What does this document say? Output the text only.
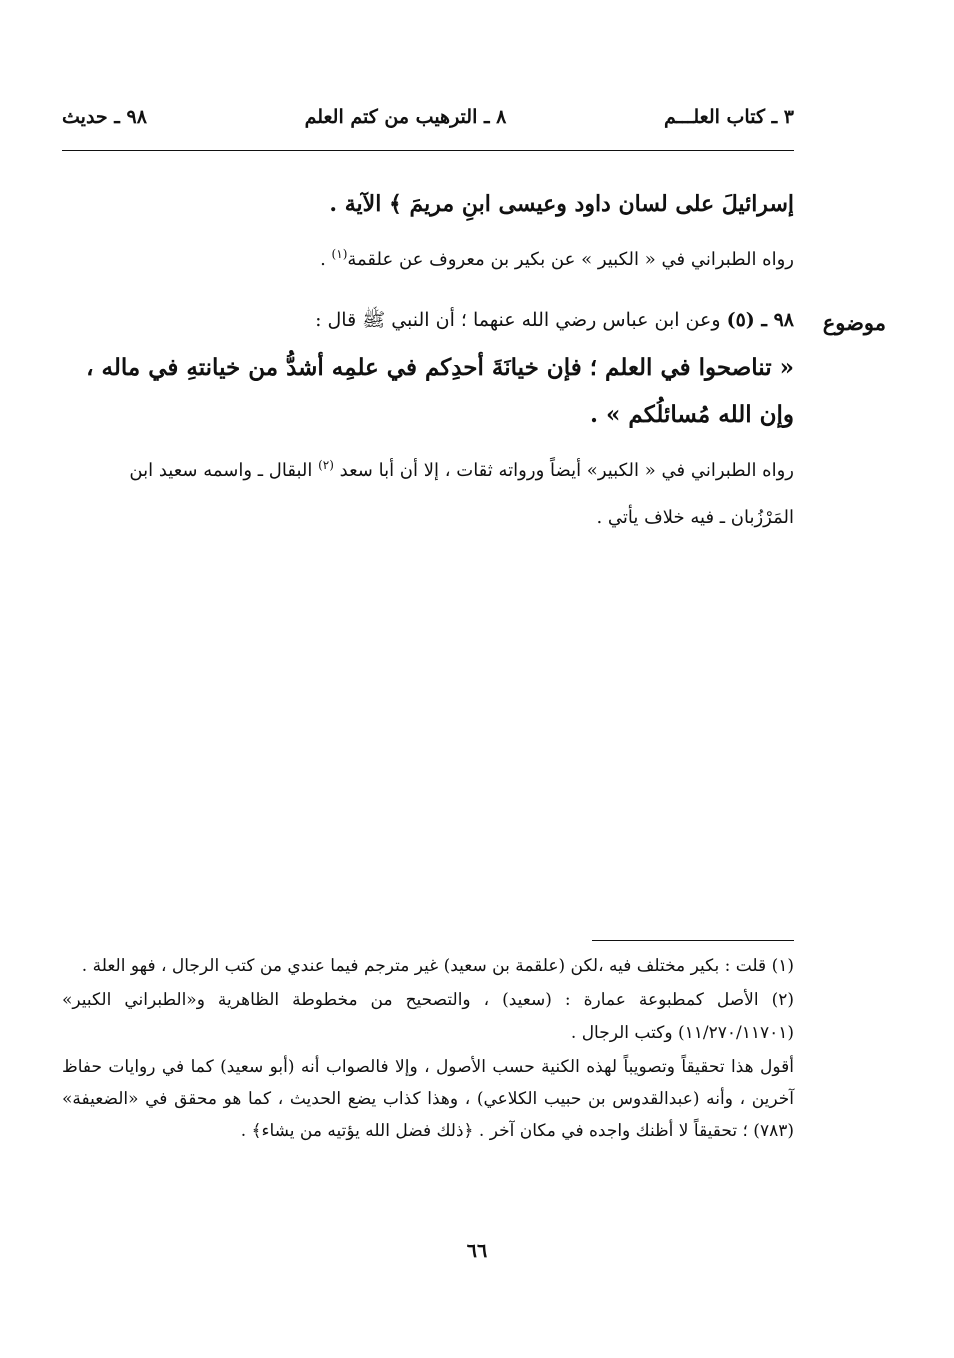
٣ ـ كتاب العلـــم
٨ ـ الترهيب من كتم العلم
٩٨ ـ حديث
إسرائيلَ على لسان داود وعيسى ابنِ مريمَ ﴾ الآية .
رواه الطبراني في « الكبير » عن بكير بن معروف عن علقمة$^{(١)}$ .
موضوع
٩٨ ـ (٥) وعن ابن عباس رضي الله عنهما ؛ أن النبي ﷺ قال :
« تناصحوا في العلم ؛ فإن خيانَةَ أحدِكم في علمِه أشدُّ من خيانتهِ في ماله ، وإن الله مُسائلُكم » .
رواه الطبراني في « الكبير» أيضاً ورواته ثقات ، إلا أن أبا سعد $^{(٢)}$ البقال ـ واسمه سعيد ابن المَرْزُبان ـ فيه خلاف يأتي .

(١) قلت : بكير مختلف فيه ،لكن (علقمة بن سعيد) غير مترجم فيما عندي من كتب الرجال ، فهو العلة .

(٢) الأصل كمطبوعة عمارة : (سعيد) ، والتصحيح من مخطوطة الظاهرية و«الطبراني الكبير» (١١/٢٧٠/١١٧٠١) وكتب الرجال .

أقول هذا تحقيقاً وتصويباً لهذه الكنية حسب الأصول ، وإلا فالصواب أنه (أبو سعيد) كما في روايات حفاظ آخرين ، وأنه (عبدالقدوس بن حبيب الكلاعي) ، وهذا كذاب يضع الحديث ، كما هو محقق في «الضعيفة» (٧٨٣) ؛ تحقيقاً لا أظنك واجده في مكان آخر . ﴿ذلك فضل الله يؤتيه من يشاء﴾ .

٦٦
